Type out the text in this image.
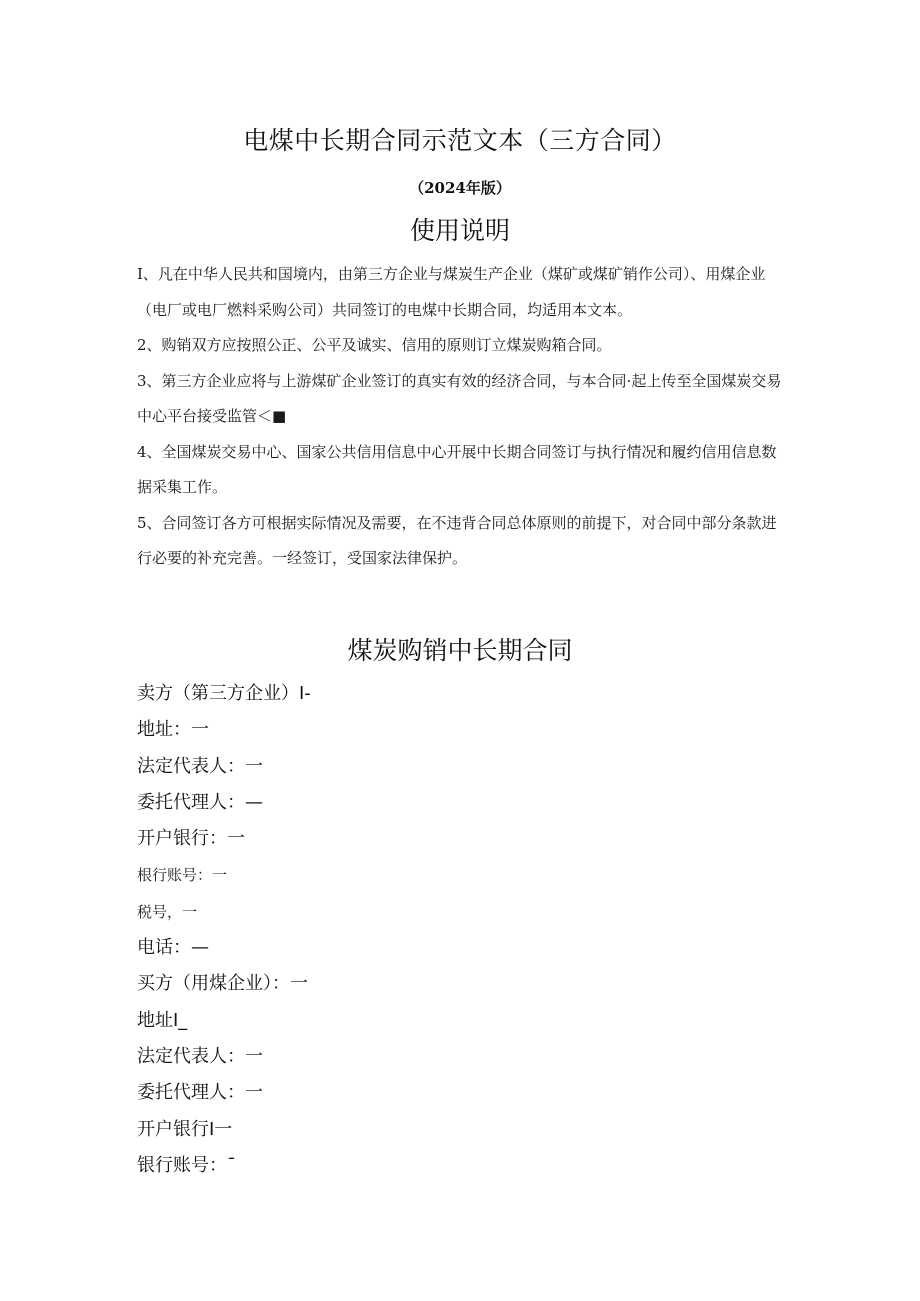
电煤中长期合同示范文本（三方合同）
（2024年版）
使用说明

I、凡在中华人民共和国境内，由第三方企业与煤炭生产企业（煤矿或煤矿销作公司）、用煤企业（电厂或电厂燃料采购公司）共同签订的电煤中长期合同，均适用本文本。

2、购销双方应按照公正、公平及诚实、信用的原则订立煤炭购箱合同。

3、第三方企业应将与上游煤矿企业签订的真实有效的经济合同，与本合同·起上传至全国煤炭交易中心平台接受监管＜■

4、全国煤炭交易中心、国家公共信用信息中心开展中长期合同签订与执行情况和履约信用信息数据采集工作。

5、合同签订各方可根据实际情况及需要，在不违背合同总体原则的前提下，对合同中部分条款进行必要的补充完善。一经签订，受国家法律保护。

煤炭购销中长期合同
卖方（第三方企业）I-
地址：一
法定代表人：一
委托代理人：—
开户银行：一
根行账号：一
税号，一
电话：—
买方（用煤企业）：一
地址I_
法定代表人：一
委托代理人：一
开户银行I一
银行账号：¯
